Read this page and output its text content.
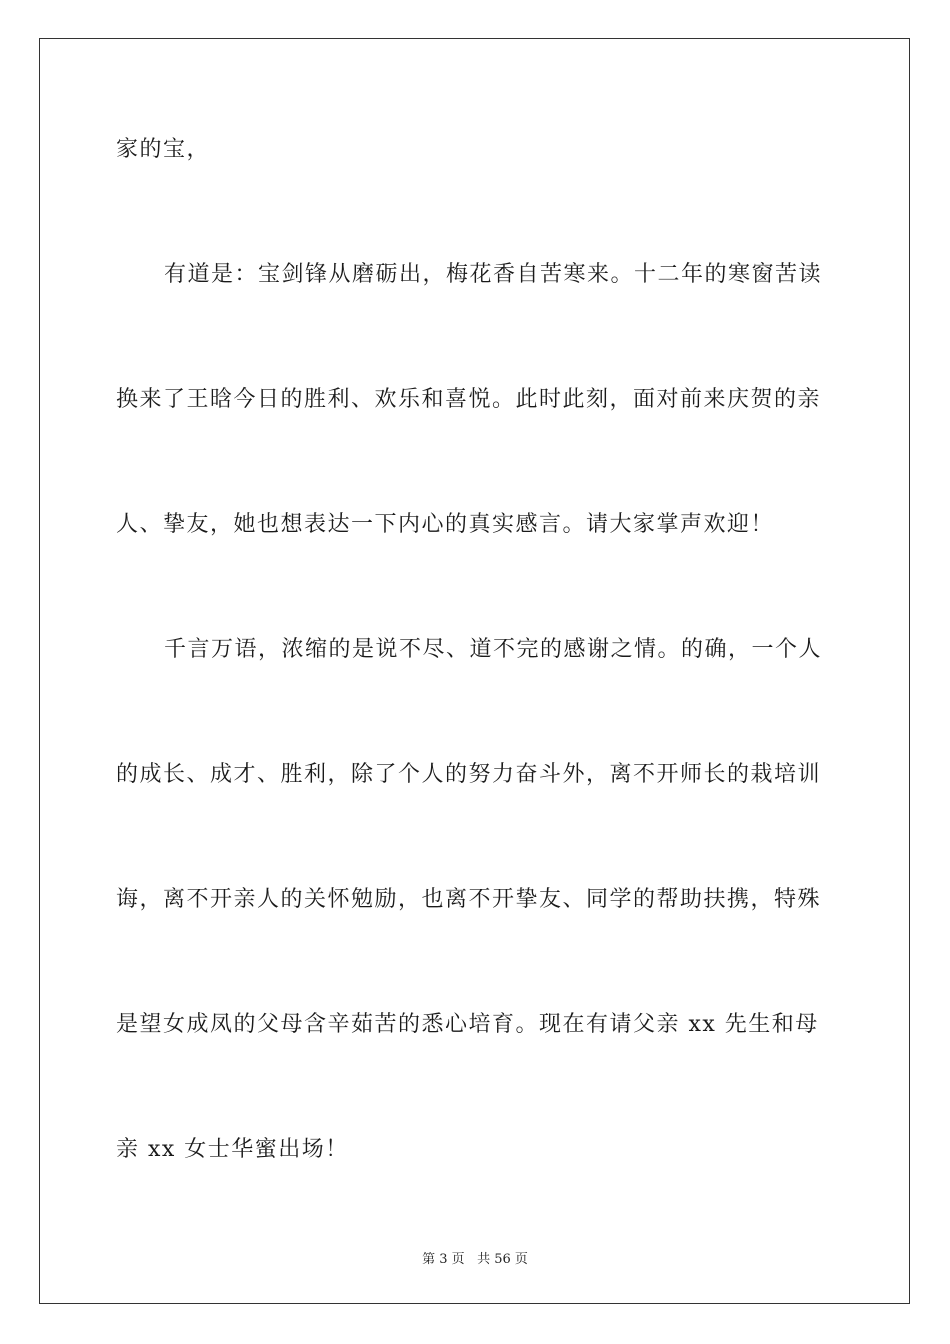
家的宝，
有道是：宝剑锋从磨砺出，梅花香自苦寒来。十二年的寒窗苦读
换来了王晗今日的胜利、欢乐和喜悦。此时此刻，面对前来庆贺的亲
人、挚友，她也想表达一下内心的真实感言。请大家掌声欢迎！
千言万语，浓缩的是说不尽、道不完的感谢之情。的确，一个人
的成长、成才、胜利，除了个人的努力奋斗外，离不开师长的栽培训
诲，离不开亲人的关怀勉励，也离不开挚友、同学的帮助扶携，特殊
是望女成凤的父母含辛茹苦的悉心培育。现在有请父亲 xx 先生和母
亲 xx 女士华蜜出场！
第 3 页 共 56 页
